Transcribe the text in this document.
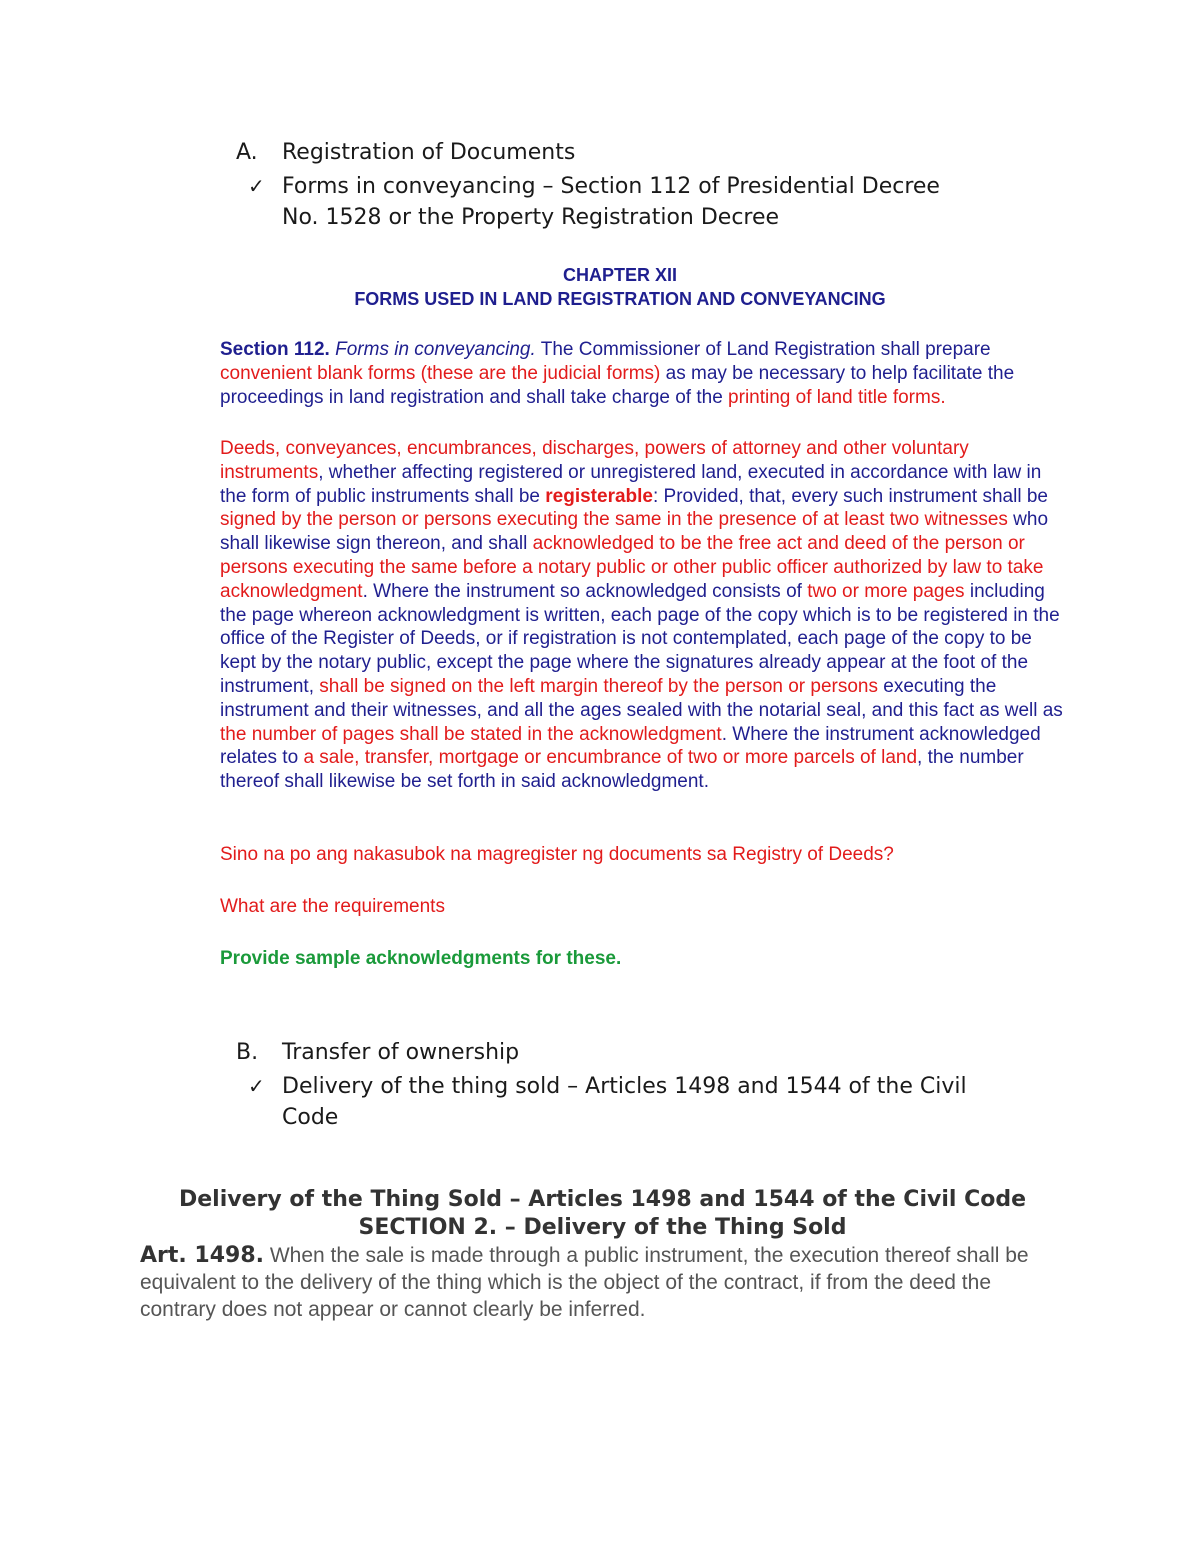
A.	Registration of Documents
✓ Forms in conveyancing – Section 112 of Presidential Decree
No. 1528 or the Property Registration Decree
CHAPTER XII
FORMS USED IN LAND REGISTRATION AND CONVEYANCING
Section 112. Forms in conveyancing. The Commissioner of Land Registration shall prepare convenient blank forms (these are the judicial forms) as may be necessary to help facilitate the proceedings in land registration and shall take charge of the printing of land title forms.
Deeds, conveyances, encumbrances, discharges, powers of attorney and other voluntary instruments, whether affecting registered or unregistered land, executed in accordance with law in the form of public instruments shall be registerable: Provided, that, every such instrument shall be signed by the person or persons executing the same in the presence of at least two witnesses who shall likewise sign thereon, and shall acknowledged to be the free act and deed of the person or persons executing the same before a notary public or other public officer authorized by law to take acknowledgment. Where the instrument so acknowledged consists of two or more pages including the page whereon acknowledgment is written, each page of the copy which is to be registered in the office of the Register of Deeds, or if registration is not contemplated, each page of the copy to be kept by the notary public, except the page where the signatures already appear at the foot of the instrument, shall be signed on the left margin thereof by the person or persons executing the instrument and their witnesses, and all the ages sealed with the notarial seal, and this fact as well as the number of pages shall be stated in the acknowledgment. Where the instrument acknowledged relates to a sale, transfer, mortgage or encumbrance of two or more parcels of land, the number thereof shall likewise be set forth in said acknowledgment.
Sino na po ang nakasubok na magregister ng documents sa Registry of Deeds?
What are the requirements
Provide sample acknowledgments for these.
B.	Transfer of ownership
✓ Delivery of the thing sold – Articles 1498 and 1544 of the Civil
Code
Delivery of the Thing Sold – Articles 1498 and 1544 of the Civil Code
SECTION 2. – Delivery of the Thing Sold
Art. 1498. When the sale is made through a public instrument, the execution thereof shall be equivalent to the delivery of the thing which is the object of the contract, if from the deed the contrary does not appear or cannot clearly be inferred.
